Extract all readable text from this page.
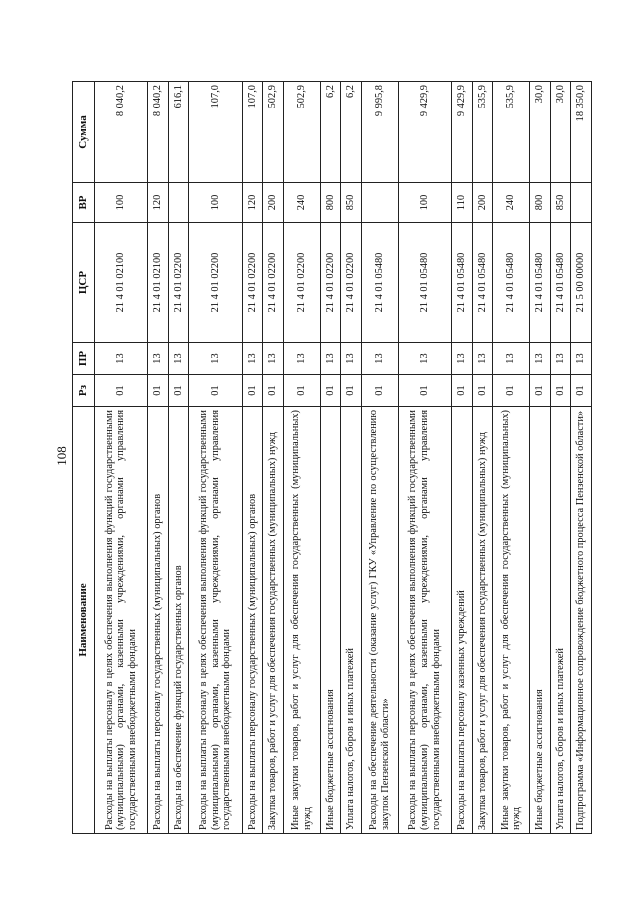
108
Наименование	Рз	ПР	ЦСР	ВР	Сумма
Расходы на выплаты персоналу в целях обеспечения выполнения функций государственными (муниципальными) органами, казенными учреждениями, органами управления государственными внебюджетными фондами	01	13	21 4 01 02100	100	8 040,2
Расходы на выплаты персоналу государственных (муниципальных) органов	01	13	21 4 01 02100	120	8 040,2
Расходы на обеспечение функций государственных органов	01	13	21 4 01 02200		616,1
Расходы на выплаты персоналу в целях обеспечения выполнения функций государственными (муниципальными) органами, казенными учреждениями, органами управления государственными внебюджетными фондами	01	13	21 4 01 02200	100	107,0
Расходы на выплаты персоналу государственных (муниципальных) органов	01	13	21 4 01 02200	120	107,0
Закупка товаров, работ и услуг для обеспечения государственных (муниципальных) нужд	01	13	21 4 01 02200	200	502,9
Иные закупки товаров, работ и услуг для обеспечения государственных (муниципальных) нужд	01	13	21 4 01 02200	240	502,9
Иные бюджетные ассигнования	01	13	21 4 01 02200	800	6,2
Уплата налогов, сборов и иных платежей	01	13	21 4 01 02200	850	6,2
Расходы на обеспечение деятельности (оказание услуг) ГКУ «Управление по осуществлению закупок Пензенской области»	01	13	21 4 01 05480		9 995,8
Расходы на выплаты персоналу в целях обеспечения выполнения функций государственными (муниципальными) органами, казенными учреждениями, органами управления государственными внебюджетными фондами	01	13	21 4 01 05480	100	9 429,9
Расходы на выплаты персоналу казенных учреждений	01	13	21 4 01 05480	110	9 429,9
Закупка товаров, работ и услуг для обеспечения государственных (муниципальных) нужд	01	13	21 4 01 05480	200	535,9
Иные закупки товаров, работ и услуг для обеспечения государственных (муниципальных) нужд	01	13	21 4 01 05480	240	535,9
Иные бюджетные ассигнования	01	13	21 4 01 05480	800	30,0
Уплата налогов, сборов и иных платежей	01	13	21 4 01 05480	850	30,0
Подпрограмма «Информационное сопровождение бюджетного процесса Пензенской области»	01	13	21 5 00 00000		18 350,0
